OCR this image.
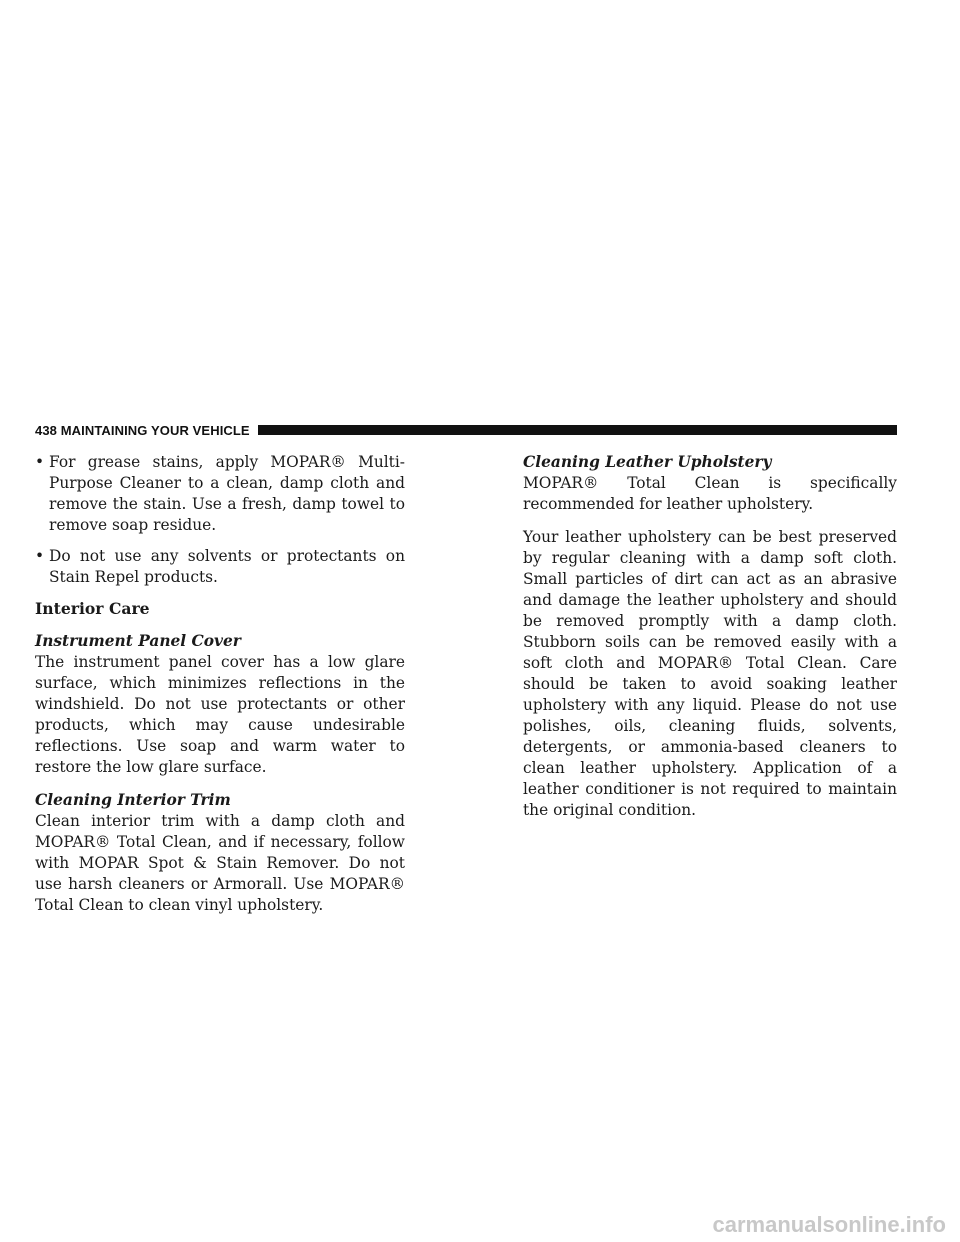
438 MAINTAINING YOUR VEHICLE
• For grease stains, apply MOPAR® Multi-Purpose Cleaner to a clean, damp cloth and remove the stain. Use a fresh, damp towel to remove soap residue.
• Do not use any solvents or protectants on Stain Repel products.

Interior Care

Instrument Panel Cover

The instrument panel cover has a low glare surface, which minimizes reflections in the windshield. Do not use protectants or other products, which may cause undesirable reflections. Use soap and warm water to restore the low glare surface.

Cleaning Interior Trim

Clean interior trim with a damp cloth and MOPAR® Total Clean, and if necessary, follow with MOPAR Spot & Stain Remover. Do not use harsh cleaners or Armorall. Use MOPAR® Total Clean to clean vinyl upholstery.

Cleaning Leather Upholstery

MOPAR® Total Clean is specifically recommended for leather upholstery.

Your leather upholstery can be best preserved by regular cleaning with a damp soft cloth. Small particles of dirt can act as an abrasive and damage the leather upholstery and should be removed promptly with a damp cloth. Stubborn soils can be removed easily with a soft cloth and MOPAR® Total Clean. Care should be taken to avoid soaking leather upholstery with any liquid. Please do not use polishes, oils, cleaning fluids, solvents, detergents, or ammonia-based cleaners to clean leather upholstery. Application of a leather conditioner is not required to maintain the original condition.

carmanualsonline.info
